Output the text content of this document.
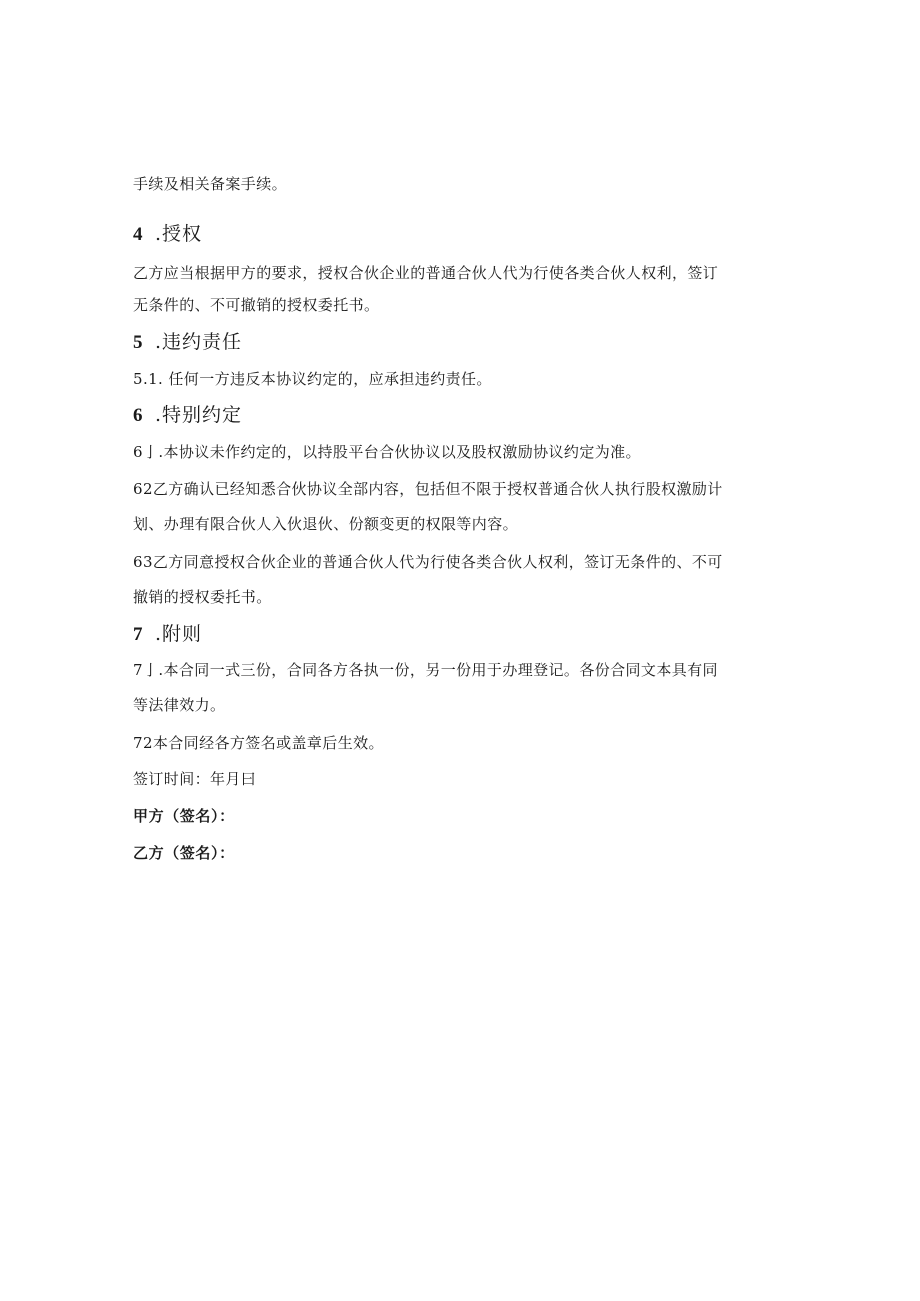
手续及相关备案手续。
4 .授权
乙方应当根据甲方的要求，授权合伙企业的普通合伙人代为行使各类合伙人权利，签订
无条件的、不可撤销的授权委托书。
5 .违约责任
5.1. 任何一方违反本协议约定的，应承担违约责任。
6 .特别约定
6亅.本协议未作约定的，以持股平台合伙协议以及股权激励协议约定为准。
62乙方确认已经知悉合伙协议全部内容，包括但不限于授权普通合伙人执行股权激励计
划、办理有限合伙人入伙退伙、份额变更的权限等内容。
63乙方同意授权合伙企业的普通合伙人代为行使各类合伙人权利，签订无条件的、不可
撤销的授权委托书。
7 .附则
7亅.本合同一式三份，合同各方各执一份，另一份用于办理登记。各份合同文本具有同
等法律效力。
72本合同经各方签名或盖章后生效。
签订时间：年月曰
甲方（签名）：
乙方（签名）：
